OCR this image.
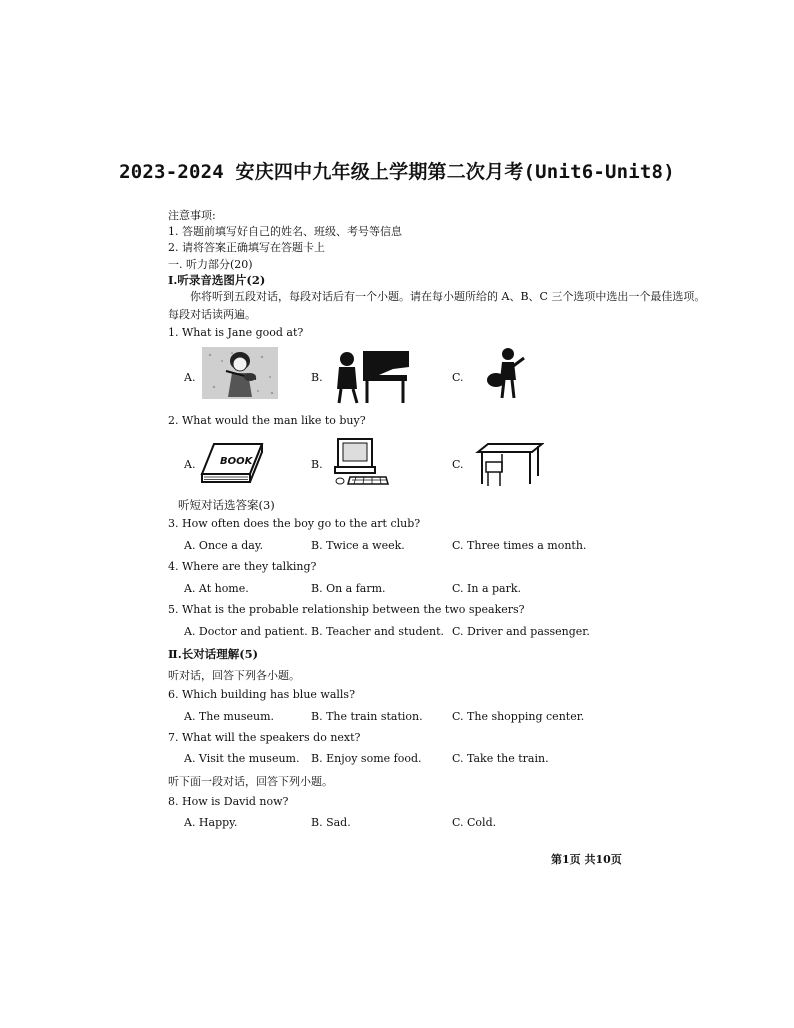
2023-2024 安庆四中九年级上学期第二次月考(Unit6-Unit8)
注意事项:
1. 答题前填写好自己的姓名、班级、考号等信息
2. 请将答案正确填写在答题卡上
一. 听力部分(20)
Ⅰ.听录音选图片(2)
你将听到五段对话，每段对话后有一个小题。请在每小题所给的 A、B、C 三个选项中选出一个最佳选项。每段对话读两遍。
1. What is Jane good at?
A.	B.	C.
2. What would the man like to buy?
A. BOOK	B.	C.
听短对话选答案(3)
3. How often does the boy go to the art club?
A. Once a day.	B. Twice a week.	C. Three times a month.
4. Where are they talking?
A. At home.	B. On a farm.	C. In a park.
5. What is the probable relationship between the two speakers?
A. Doctor and patient. B. Teacher and student. C. Driver and passenger.
Ⅱ.长对话理解(5)
听对话，回答下列各小题。
6. Which building has blue walls?
A. The museum.	B. The train station.	C. The shopping center.
7. What will the speakers do next?
A. Visit the museum. B. Enjoy some food.	C. Take the train.
听下面一段对话，回答下列小题。
8. How is David now?
A. Happy.	B. Sad.	C. Cold.
第1页 共10页
